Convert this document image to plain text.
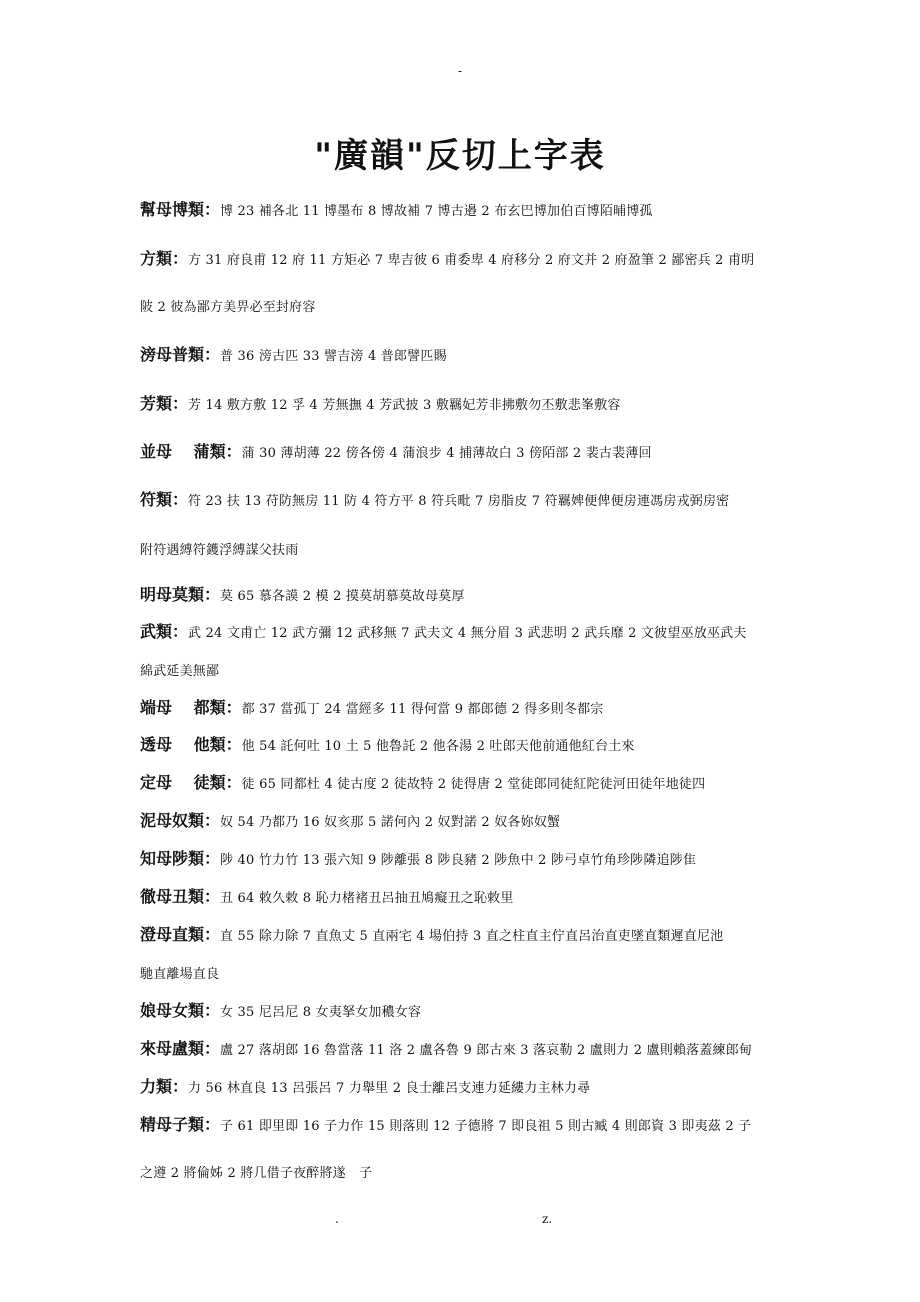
-
"廣韻"反切上字表
幫母博類：博 23 補各北 11 博墨布 8 博故補 7 博古邉 2 布玄巴博加伯百博陌晡博孤
方類：方 31 府良甫 12 府 11 方矩必 7 卑吉彼 6 甫委卑 4 府移分 2 府文并 2 府盈筆 2 鄙密兵 2 甫明
陂 2 彼為鄙方美畀必至封府容
滂母普類：普 36 滂古匹 33 譬吉滂 4 普郎譬匹賜
芳類：芳 14 敷方敷 12 孚 4 芳無撫 4 芳武披 3 敷羈妃芳非拂敷勿丕敷悲峯敷容
並母　 蒲類：蒲 30 薄胡薄 22 傍各傍 4 蒲浪步 4 捕薄故白 3 傍陌部 2 裴古裴薄回
符類：符 23 扶 13 苻防無房 11 防 4 符方平 8 符兵毗 7 房脂皮 7 符羈婢便俾便房連馮房戎弼房密
附符遇縛符鑊浮縛謀父扶雨
明母莫類：莫 65 慕各謨 2 模 2 摸莫胡慕莫故母莫厚
武類：武 24 文甫亡 12 武方彌 12 武移無 7 武夫文 4 無分眉 3 武悲明 2 武兵靡 2 文彼望巫放巫武夫
綿武延美無鄙
端母　 都類：都 37 當孤丁 24 當經多 11 得何當 9 都郎德 2 得多則冬都宗
透母　 他類：他 54 託何吐 10 土 5 他魯託 2 他各湯 2 吐郎天他前通他紅台土來
定母　 徒類：徒 65 同都杜 4 徒古度 2 徒故特 2 徒得唐 2 堂徒郎同徒紅陀徒河田徒年地徒四
泥母奴類：奴 54 乃都乃 16 奴亥那 5 諾何內 2 奴對諾 2 奴各妳奴蟹
知母陟類：陟 40 竹力竹 13 張六知 9 陟離張 8 陟良豬 2 陟魚中 2 陟弓卓竹角珍陟隣追陟隹
徹母丑類：丑 64 敕久敕 8 恥力楮褚丑呂抽丑鳩癡丑之恥敕里
澄母直類：直 55 除力除 7 直魚丈 5 直兩宅 4 場伯持 3 直之柱直主佇直呂治直吏墜直類遲直尼池
馳直離場直良
娘母女類：女 35 尼呂尼 8 女夷拏女加穠女容
來母盧類：盧 27 落胡郎 16 魯當落 11 洛 2 盧各魯 9 郎古來 3 落哀勒 2 盧則力 2 盧則賴落蓋練郎甸
力類：力 56 林直良 13 呂張呂 7 力舉里 2 良士離呂支連力延縷力主林力尋
精母子類：子 61 即里即 16 子力作 15 則落則 12 子德將 7 即良祖 5 則古臧 4 則郎資 3 即夷茲 2 子
之遵 2 將倫姊 2 將几借子夜醉將遂　子
.	z.
